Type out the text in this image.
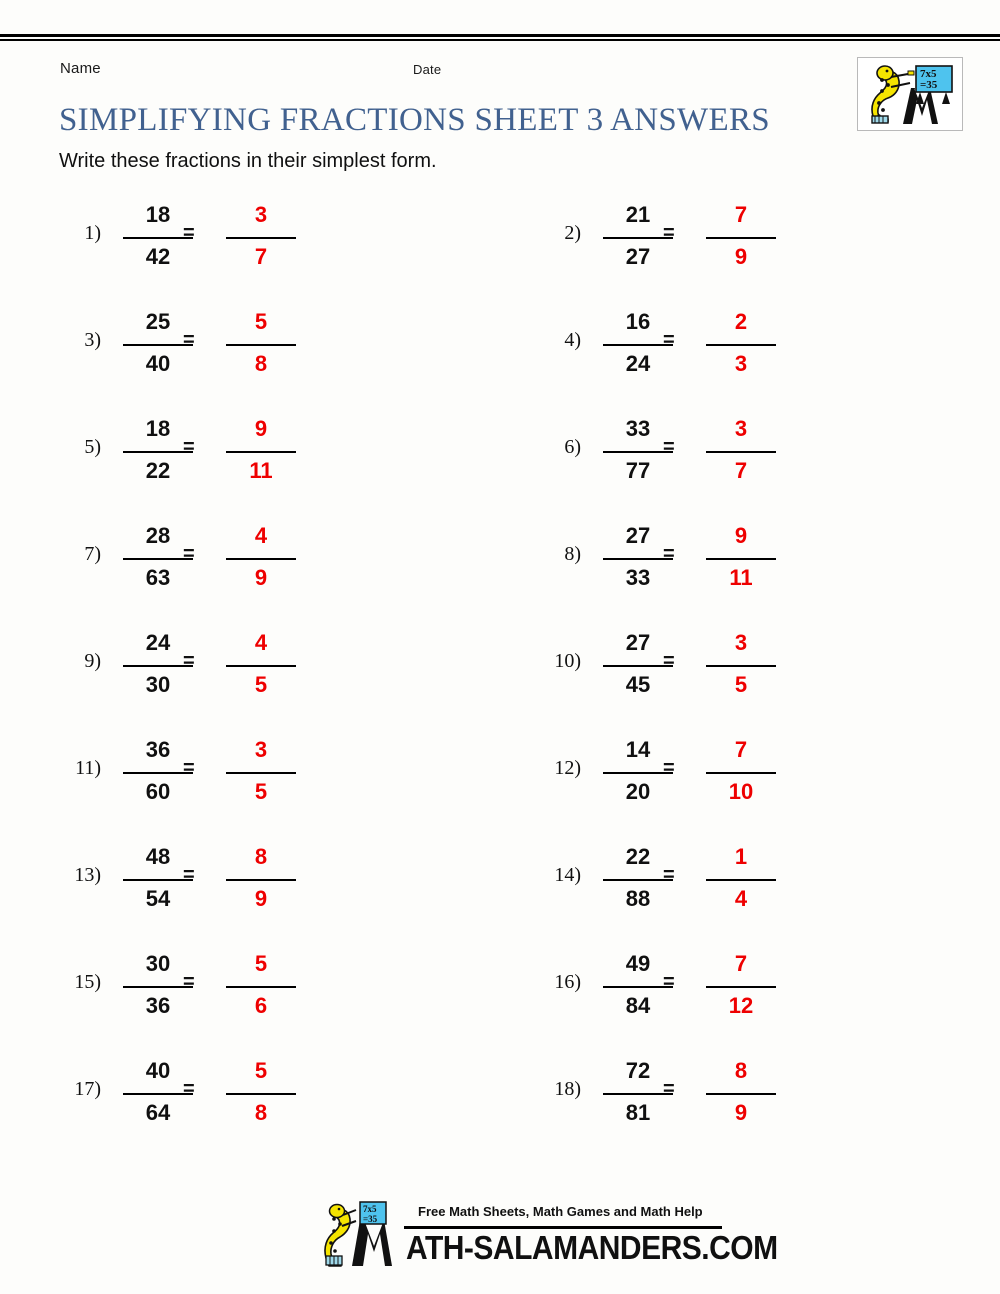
Name	Date
SIMPLIFYING FRACTIONS SHEET 3 ANSWERS
Write these fractions in their simplest form.
7x5
=35
1)
18
42
=
3
7
2)
21
27
=
7
9
3)
25
40
=
5
8
4)
16
24
=
2
3
5)
18
22
=
9
11
6)
33
77
=
3
7
7)
28
63
=
4
9
8)
27
33
=
9
11
9)
24
30
=
4
5
10)
27
45
=
3
5
11)
36
60
=
3
5
12)
14
20
=
7
10
13)
48
54
=
8
9
14)
22
88
=
1
4
15)
30
36
=
5
6
16)
49
84
=
7
12
17)
40
64
=
5
8
18)
72
81
=
8
9
7x5
=35	Free Math Sheets, Math Games and Math Help
ATH-SALAMANDERS.COM
